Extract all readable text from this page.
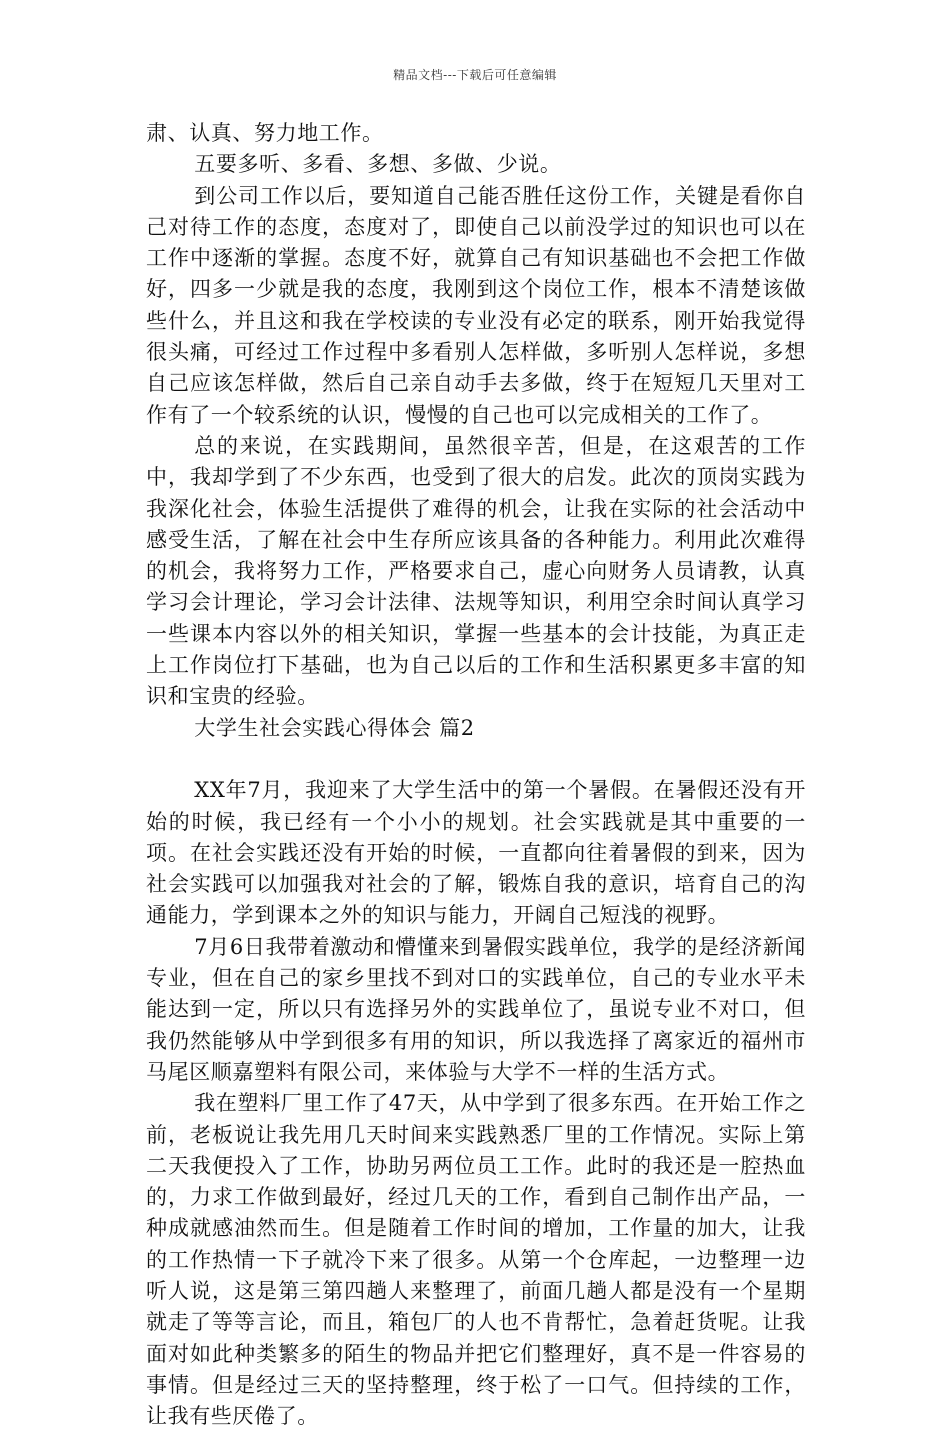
精品文档---下载后可任意编辑

肃、认真、努力地工作。

五要多听、多看、多想、多做、少说。

到公司工作以后，要知道自己能否胜任这份工作，关键是看你自己对待工作的态度，态度对了，即使自己以前没学过的知识也可以在工作中逐渐的掌握。态度不好，就算自己有知识基础也不会把工作做好，四多一少就是我的态度，我刚到这个岗位工作，根本不清楚该做些什么，并且这和我在学校读的专业没有必定的联系，刚开始我觉得很头痛，可经过工作过程中多看别人怎样做，多听别人怎样说，多想自己应该怎样做，然后自己亲自动手去多做，终于在短短几天里对工作有了一个较系统的认识，慢慢的自己也可以完成相关的工作了。

总的来说，在实践期间，虽然很辛苦，但是，在这艰苦的工作中，我却学到了不少东西，也受到了很大的启发。此次的顶岗实践为我深化社会，体验生活提供了难得的机会，让我在实际的社会活动中感受生活，了解在社会中生存所应该具备的各种能力。利用此次难得的机会，我将努力工作，严格要求自己，虚心向财务人员请教，认真学习会计理论，学习会计法律、法规等知识，利用空余时间认真学习一些课本内容以外的相关知识，掌握一些基本的会计技能，为真正走上工作岗位打下基础，也为自己以后的工作和生活积累更多丰富的知识和宝贵的经验。

大学生社会实践心得体会 篇2

XX年7月，我迎来了大学生活中的第一个暑假。在暑假还没有开始的时候，我已经有一个小小的规划。社会实践就是其中重要的一项。在社会实践还没有开始的时候，一直都向往着暑假的到来，因为社会实践可以加强我对社会的了解，锻炼自我的意识，培育自己的沟通能力，学到课本之外的知识与能力，开阔自己短浅的视野。

7月6日我带着激动和懵懂来到暑假实践单位，我学的是经济新闻专业，但在自己的家乡里找不到对口的实践单位，自己的专业水平未能达到一定，所以只有选择另外的实践单位了，虽说专业不对口，但我仍然能够从中学到很多有用的知识，所以我选择了离家近的福州市马尾区顺嘉塑料有限公司，来体验与大学不一样的生活方式。

我在塑料厂里工作了47天，从中学到了很多东西。在开始工作之前，老板说让我先用几天时间来实践熟悉厂里的工作情况。实际上第二天我便投入了工作，协助另两位员工工作。此时的我还是一腔热血的，力求工作做到最好，经过几天的工作，看到自己制作出产品，一种成就感油然而生。但是随着工作时间的增加，工作量的加大，让我的工作热情一下子就冷下来了很多。从第一个仓库起，一边整理一边听人说，这是第三第四趟人来整理了，前面几趟人都是没有一个星期就走了等等言论，而且，箱包厂的人也不肯帮忙，急着赶货呢。让我面对如此种类繁多的陌生的物品并把它们整理好，真不是一件容易的事情。但是经过三天的坚持整理，终于松了一口气。但持续的工作，让我有些厌倦了。
